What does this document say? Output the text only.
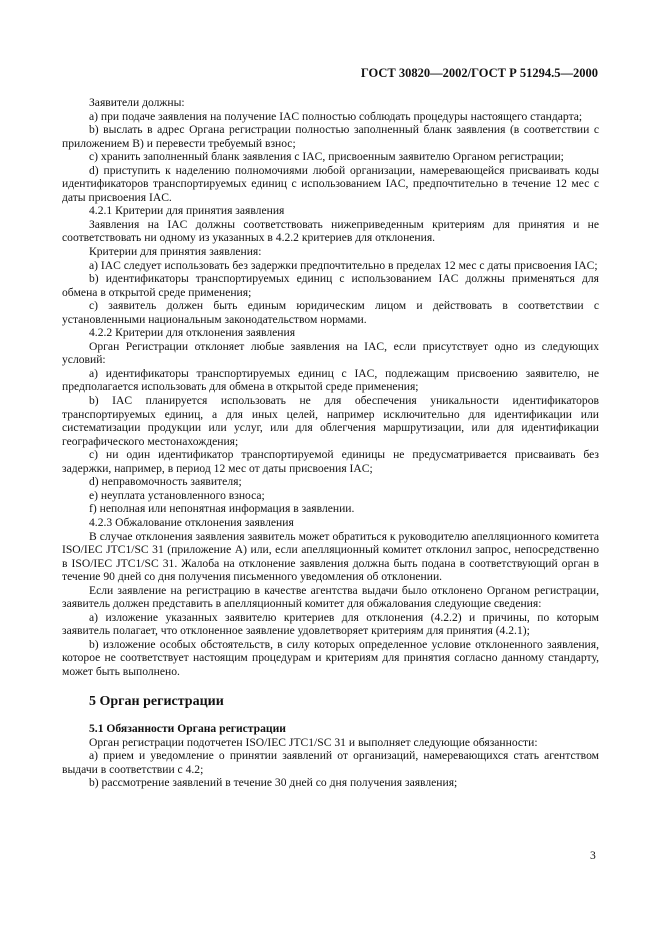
ГОСТ 30820—2002/ГОСТ Р 51294.5—2000

Заявители должны:

a) при подаче заявления на получение IAC полностью соблюдать процедуры настоящего стандарта;

b) выслать в адрес Органа регистрации полностью заполненный бланк заявления (в соответствии с приложением В) и перевести требуемый взнос;

c) хранить заполненный бланк заявления с IAC, присвоенным заявителю Органом регистрации;

d) приступить к наделению полномочиями любой организации, намеревающейся присваивать коды идентификаторов транспортируемых единиц с использованием IAC, предпочтительно в течение 12 мес с даты присвоения IAC.

4.2.1 Критерии для принятия заявления

Заявления на IAC должны соответствовать нижеприведенным критериям для принятия и не соответствовать ни одному из указанных в 4.2.2 критериев для отклонения.

Критерии для принятия заявления:

a) IAC следует использовать без задержки предпочтительно в пределах 12 мес с даты присвоения IAC;

b) идентификаторы транспортируемых единиц с использованием IAC должны применяться для обмена в открытой среде применения;

c) заявитель должен быть единым юридическим лицом и действовать в соответствии с установленными национальным законодательством нормами.

4.2.2 Критерии для отклонения заявления

Орган Регистрации отклоняет любые заявления на IAC, если присутствует одно из следующих условий:

a) идентификаторы транспортируемых единиц с IAC, подлежащим присвоению заявителю, не предполагается использовать для обмена в открытой среде применения;

b) IAC планируется использовать не для обеспечения уникальности идентификаторов транспортируемых единиц, а для иных целей, например исключительно для идентификации или систематизации продукции или услуг, или для облегчения маршрутизации, или для идентификации географического местонахождения;

c) ни один идентификатор транспортируемой единицы не предусматривается присваивать без задержки, например, в период 12 мес от даты присвоения IAC;

d) неправомочность заявителя;

e) неуплата установленного взноса;

f) неполная или непонятная информация в заявлении.

4.2.3 Обжалование отклонения заявления

В случае отклонения заявления заявитель может обратиться к руководителю апелляционного комитета ISO/IEC JTC1/SC 31 (приложение А) или, если апелляционный комитет отклонил запрос, непосредственно в ISO/IEC JTC1/SC 31. Жалоба на отклонение заявления должна быть подана в соответствующий орган в течение 90 дней со дня получения письменного уведомления об отклонении.

Если заявление на регистрацию в качестве агентства выдачи было отклонено Органом регистрации, заявитель должен представить в апелляционный комитет для обжалования следующие сведения:

a) изложение указанных заявителю критериев для отклонения (4.2.2) и причины, по которым заявитель полагает, что отклоненное заявление удовлетворяет критериям для принятия (4.2.1);

b) изложение особых обстоятельств, в силу которых определенное условие отклоненного заявления, которое не соответствует настоящим процедурам и критериям для принятия согласно данному стандарту, может быть выполнено.

5 Орган регистрации

5.1 Обязанности Органа регистрации

Орган регистрации подотчетен ISO/IEC JTC1/SC 31 и выполняет следующие обязанности:

a) прием и уведомление о принятии заявлений от организаций, намеревающихся стать агентством выдачи в соответствии с 4.2;

b) рассмотрение заявлений в течение 30 дней со дня получения заявления;

3
